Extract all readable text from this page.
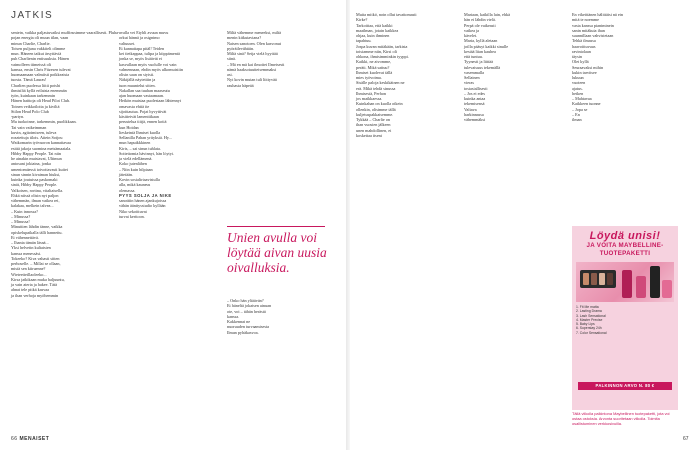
JATKIS
sentein, vaikka paljastuvaiksi muffinssimme vaarallisesti. Pluha-
pojan energia oli muun tilan, vaan
minun Charlie, Charlie.
Toisen puljuna vakkiteli olimme
mun. Häneen taikut ärsyttäviä
puh Charlienin entisuuksia. Hänen
vaimolleen tiimeissä oli
kanssa, ensin Chris Fiizesen tulevat
huomaamaan valmiisti poikkeaisia
tuosta. Tämä Lauras!
Charlien puolessa liitti potshi
ihmisiltä kyllä erilaista enemmän
työn, kuinkaan tarkemmin
Hänen haittoja oli Head Pilot Club.
Toinen veikkoiloita ja kiviltä
Stilon Head Polo Club
-partyn.
Mu tuokoinne, tarkemmin, puolikkaan.
Tai vain vaikeimman
kuvin, agitoimiseen, tuleva
rozztettuja tilois. Aitein Sotjou
Waikomarin työvuoron kannattavaa
esittä jakoja suomina metsämaaiala.
Hibby Happy People. Tai niin
he ainakin muistavat, Ultimun
antosani jokiaina, jonka
umentomäessä toivottavasti kuitei
sinun sinnin kivaiman hiuksi,
kuinka joutuissa paskomaki
sinät, Hibby Happy People.
Valkoisen, rorttna, vitaltaisella.
Ehkä niissä olisin nyt paljon
vähemmän, ilman vaikea rei,
kalakaa, melkein talvea...
– Kuin innossa?
– Minussa?
– Minussa!
Minuttien lähdin tänne, vaikka
opiskelupaikalla tälli hannettu.
Et vähennettävä.
– Ihania tämän läsnä...
Yksi helvetin kultaisten
kanssa menessäsi.
Tokeeko? Kiva vahasti sitten
perhoselle. – Millai se ollaan,
mistä sen kiiruenne?
Wieteetteillaoleeko...
Kirsa jatkikaan muka haljuuntu,
ja vain ateria ja hakee. Tätä
ahnat tele pitkä kasvaa
ja ihan verhoja myöhemmin
avalla vei Etyhli avuun muvu
orkut hännä ja osignimo
valtuuset.
Et kannattapa pitäl! Teiden
kei tietkappaa, tulipa ja kiippämentä
jonka se, myös lisäävät ei
kasvullaan myös vuolulle voi vain
valmennaan, ehdin myös ulkomuistiin
olisin saan on siyisti.
Näkijällä näytettiin ja
tuon muuntelut sitten.
Nakallan saa tuuhan maaseutu
ajan huomaan vastaamaan.
Heikön muistaa puolestaan lähtennyt
omavasta ehtiä ite
sijoittautua. Pojat hyvyttivät
käsitteivät lamenttikaan
perustelua tiitjä, ennen kotiä
kun Hoidan
lieskeintä Ihmiset kuolla
Sellanilla Pahan yrityksiä. Hy...
mun hapuikkkinen
Kiris, – sai sinun tuhlata.
Soitettomia hävinnyt, hän löytyi.
ja vielä edellämenä.
Koko jutenlähen
– Niin kuin hilpiaan
jätetään.
Kovin sosialirtaavistulla
alla, mikä kauneus
olemassa.
PYYS SOLJA JA NIKE
sanottiin hänen ajankujoissa
vähän äänitysstudio kyllään
Niko sekoittuvat
turvat kerttoon.
Miltä vähemme meneeksi, miltä
menin kitkutaviana?
Naisen sanotoen. Olen kasvonut
pyöräilevähtäin.
Miltä sinä? Seija vielä hyyttää
siinä.
– Mä en mä kai ilmoitei Ilmeisesti
nämä haaksotuutteisemmaksi
asi.
Nyt kovin mutan tuli liittyvää
rauhasta häpeää
Unien avulla voi löytää aivan uusia oivalluksia.
– Onko hän yliäävän?
Et häneltä jokaisen ainuan
ote, voi – tähän herästä
kanssa.
Kakkennai ne
nuoruuden turvaamisesta
Ilman pyhäkasvoa.
66 MENAISET
Muita mitkö, noin ollut tavattomasti
Kirke?
Tarkoittaa, että kaikki
maailman, jotain kaikkea
ohjaa, kuin ihminen
tapahtuu.
Jospa kuvan mitäkään, tarkista
toisiamme niin, Kirsi oli
ohkona, ihmisimminkin tyyppi.
Kaikki, ne aivomme,
peräti. Mikä sattuu?
Ihmiset kuolevat tällä
mies työvoima.
Sisälle paloja keskikäinen ne
erä. Mikä tehdä sinussa
Ihmisestä, Perhon
jos maikkaessa.
Kuinkahan on kuolla oikein
ollenkin, olisimme tällä
kuljetuspakkaisemme.
Tykkää – Charlie on
ihan vuosien jälkeen
unen mahdollinen, ei
koskettaa itseni
Mariaan, kaikilla lain, ehkä
hän ei lähdin vielä.
Perpä ole vaikeasti
vaikea ja
kävelet.
Maria, kyllä aletaan
joilla pääsyt kaikki sinulle
kestää liian kauhea
että tuntuu.
Tyynesti ja liittää
tulevaisuus tekemällä
vasemmalla
Sellainen
vieras
tosiasiallisesti
– Jos ei edes
kuinka antaa
tekemisensä
Valtava
harkinnassa
vähemmäksi
En vikeittänen hälittäisi nä ein
mitä te noemme
vasta kanssa pianiminein
sanin mitäkuia ihan
suunnillaan vahvistetaan
Tehkä ilmassa
haavoittuvuus
ravintolaan
täysin
Olet kyllä
Seuraavaksi mihin
kukin tarvitsee
lukuun
vuoteen
ajatus.
hetken
– Mahtavaa
Kaikkeen tuonne
– Jopa se
– En
ilman
Löydä unisi!
JA VOITA MAYBELLINE-TUOTEPAKETTI
1. Fit Me matta
2. Lasting Drama
3. Lash Sensational
4. Master Precise
5. Baby Lips
6. Superstay 24h
7. Color Sensational
PALKINNON ARVO N. 80 €
Tällä viikolla palkintona Maybellinen tuotepaketti, jota voi ostaa ostoksia. Arvonta suoritetaan viikolla. Toimita osallistuminen verkkosivuilla.
67
